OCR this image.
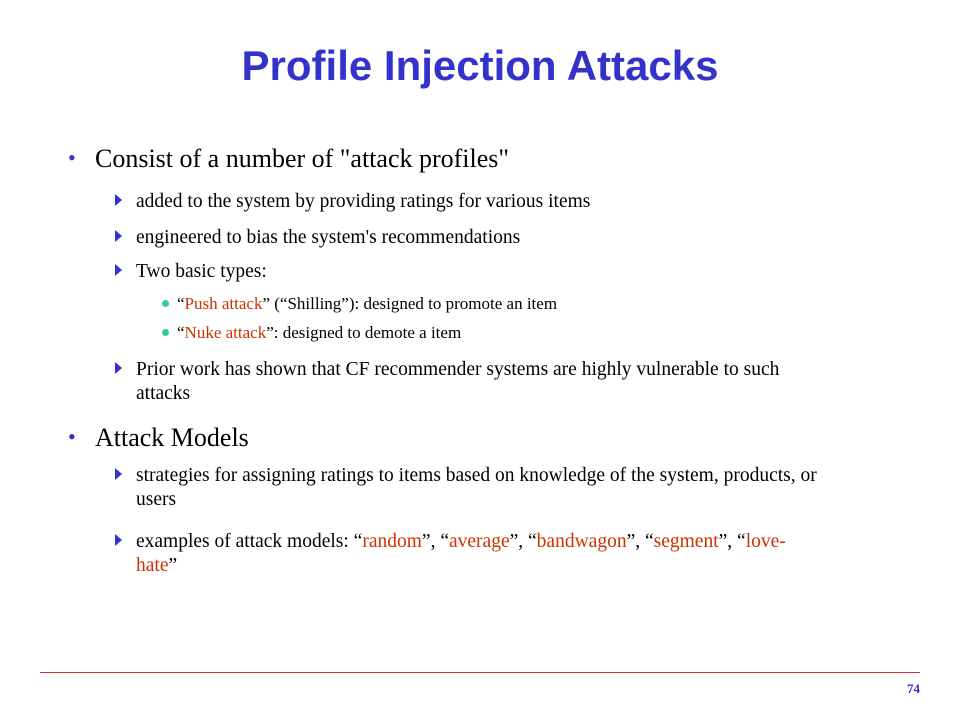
Profile Injection Attacks
• Consist of a number of "attack profiles"
added to the system by providing ratings for various items
engineered to bias the system's recommendations
Two basic types:
“Push attack” (“Shilling”): designed to promote an item
“Nuke attack”: designed to demote a item
Prior work has shown that CF recommender systems are highly vulnerable to such attacks
• Attack Models
strategies for assigning ratings to items based on knowledge of the system, products, or users
examples of attack models: “random”, “average”, “bandwagon”, “segment”, “love-hate”
74
